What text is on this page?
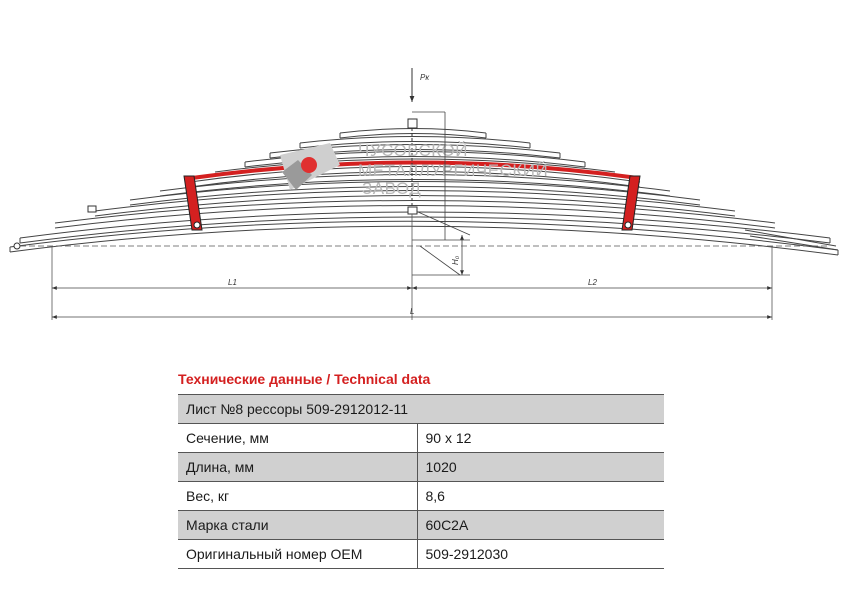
ЧУСОВСКОЙ
МЕТАЛЛУРГИЧЕСКИЙ
ЗАВОД
Pк
H₀
L1	L2
L
Технические данные / Technical data
Лист №8 рессоры 509-2912012-11	
Сечение, мм	90 x 12
Длина, мм	1020
Вес, кг	8,6
Марка стали	60С2А
Оригинальный номер OEM	509-2912030
